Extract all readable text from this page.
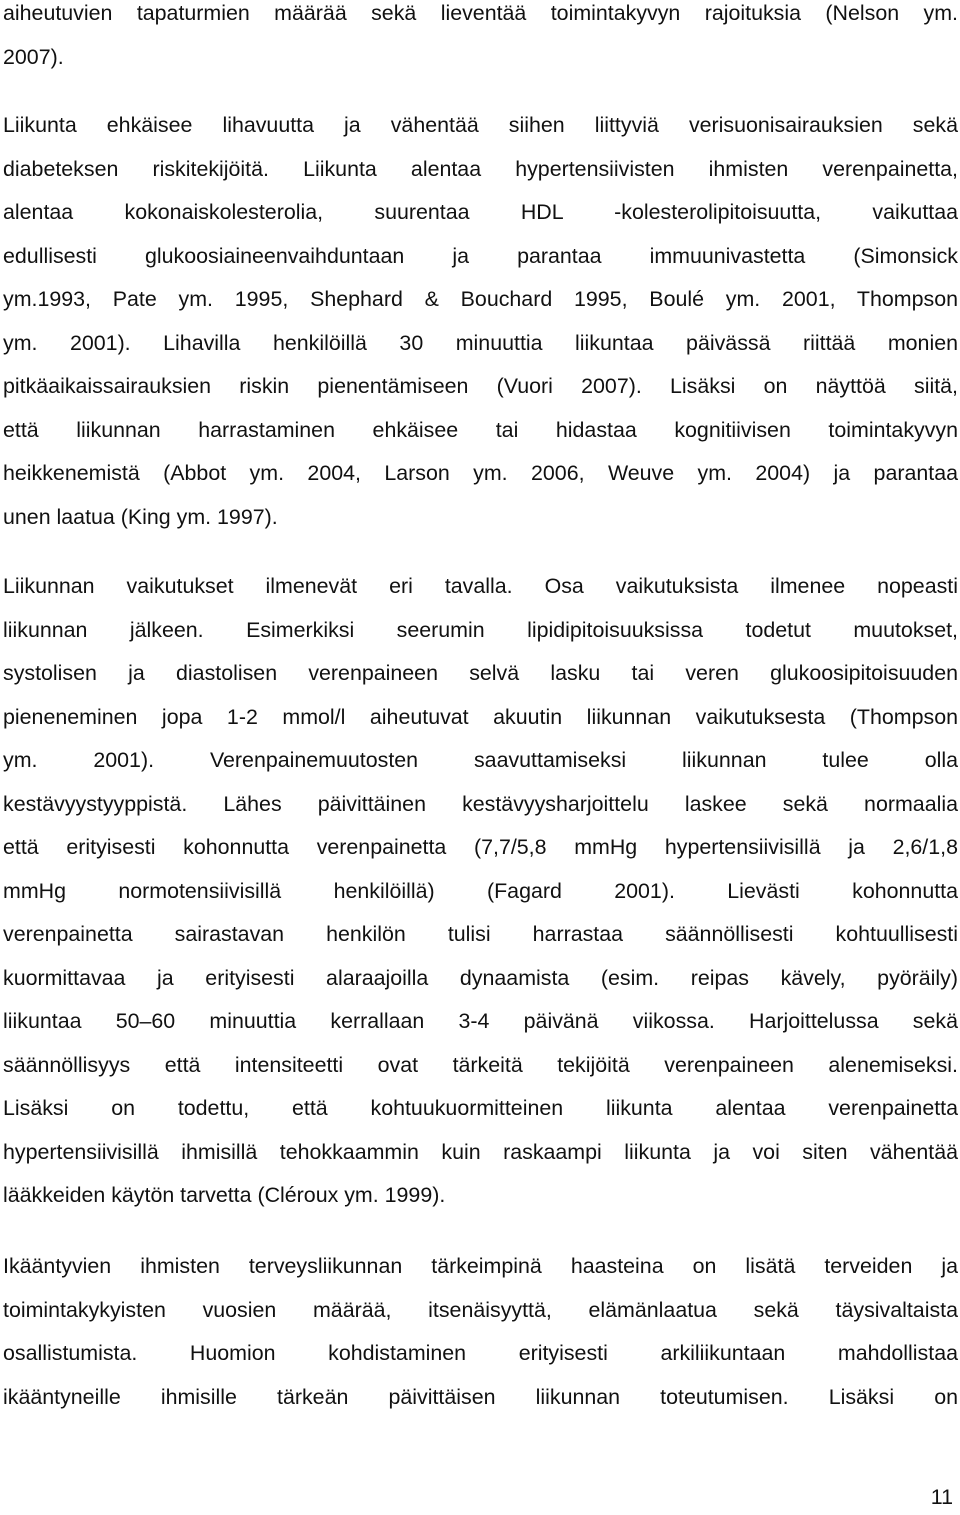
aiheutuvien tapaturmien määrää sekä lieventää toimintakyvyn rajoituksia (Nelson ym.
2007).
Liikunta ehkäisee lihavuutta ja vähentää siihen liittyviä verisuonisairauksien sekä
diabeteksen riskitekijöitä. Liikunta alentaa hypertensiivisten ihmisten verenpainetta,
alentaa kokonaiskolesterolia, suurentaa HDL -kolesterolipitoisuutta, vaikuttaa
edullisesti glukoosiaineenvaihduntaan ja parantaa immuunivastetta (Simonsick
ym.1993, Pate ym. 1995, Shephard & Bouchard 1995, Boulé ym. 2001, Thompson
ym. 2001). Lihavilla henkilöillä 30 minuuttia liikuntaa päivässä riittää monien
pitkäaikaissairauksien riskin pienentämiseen (Vuori 2007). Lisäksi on näyttöä siitä,
että liikunnan harrastaminen ehkäisee tai hidastaa kognitiivisen toimintakyvyn
heikkenemistä (Abbot ym. 2004, Larson ym. 2006, Weuve ym. 2004) ja parantaa
unen laatua (King ym. 1997).
Liikunnan vaikutukset ilmenevät eri tavalla. Osa vaikutuksista ilmenee nopeasti
liikunnan jälkeen. Esimerkiksi seerumin lipidipitoisuuksissa todetut muutokset,
systolisen ja diastolisen verenpaineen selvä lasku tai veren glukoosipitoisuuden
pieneneminen jopa 1-2 mmol/l aiheutuvat akuutin liikunnan vaikutuksesta (Thompson
ym. 2001). Verenpainemuutosten saavuttamiseksi liikunnan tulee olla
kestävyystyyppistä. Lähes päivittäinen kestävyysharjoittelu laskee sekä normaalia
että erityisesti kohonnutta verenpainetta (7,7/5,8 mmHg hypertensiivisillä ja 2,6/1,8
mmHg normotensiivisillä henkilöillä) (Fagard 2001). Lievästi kohonnutta
verenpainetta sairastavan henkilön tulisi harrastaa säännöllisesti kohtuullisesti
kuormittavaa ja erityisesti alaraajoilla dynaamista (esim. reipas kävely, pyöräily)
liikuntaa 50–60 minuuttia kerrallaan 3-4 päivänä viikossa. Harjoittelussa sekä
säännöllisyys että intensiteetti ovat tärkeitä tekijöitä verenpaineen alenemiseksi.
Lisäksi on todettu, että kohtuukuormitteinen liikunta alentaa verenpainetta
hypertensiivisillä ihmisillä tehokkaammin kuin raskaampi liikunta ja voi siten vähentää
lääkkeiden käytön tarvetta (Cléroux ym. 1999).
Ikääntyvien ihmisten terveysliikunnan tärkeimpinä haasteina on lisätä terveiden ja
toimintakykyisten vuosien määrää, itsenäisyyttä, elämänlaatua sekä täysivaltaista
osallistumista. Huomion kohdistaminen erityisesti arkiliikuntaan mahdollistaa
ikääntyneille ihmisille tärkeän päivittäisen liikunnan toteutumisen. Lisäksi on
11
